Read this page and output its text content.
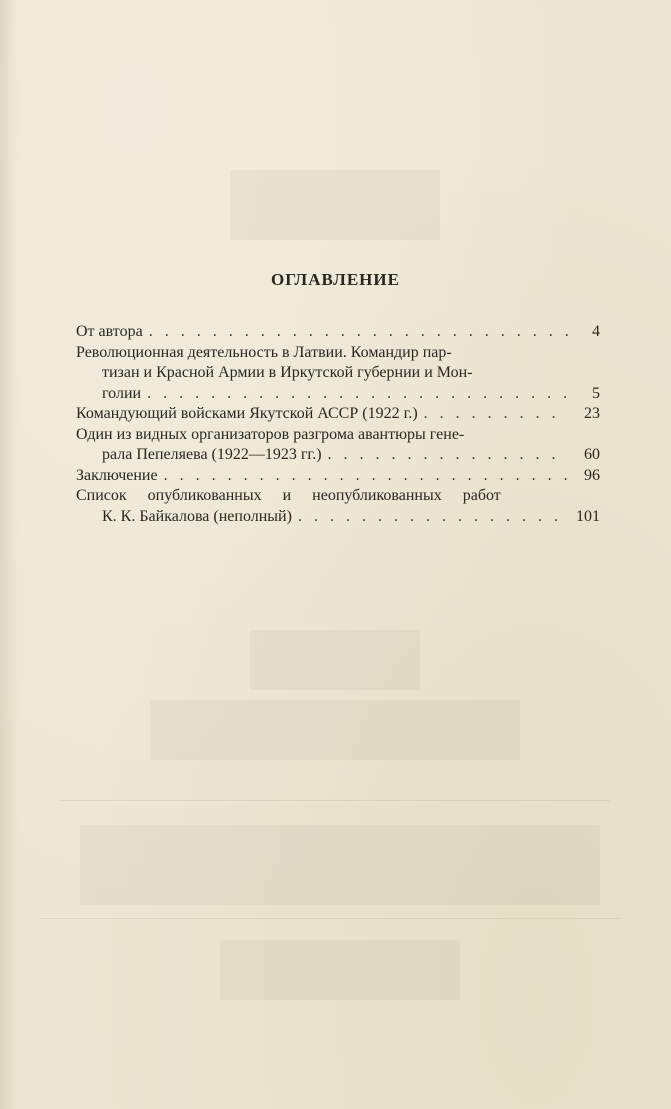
ОГЛАВЛЕНИЕ
От автора . . .	4
Революционная деятельность в Латвии. Командир пар-
тизан и Красной Армии в Иркутской губернии и Мон-
голии . . .	5
Командующий войсками Якутской АССР (1922 г.) . . .	23
Один из видных организаторов разгрома авантюры гене-
рала Пепеляева (1922—1923 гг.) . . .	60
Заключение . . .	96
Список опубликованных и неопубликованных работ
К. К. Байкалова (неполный) . . .	101
